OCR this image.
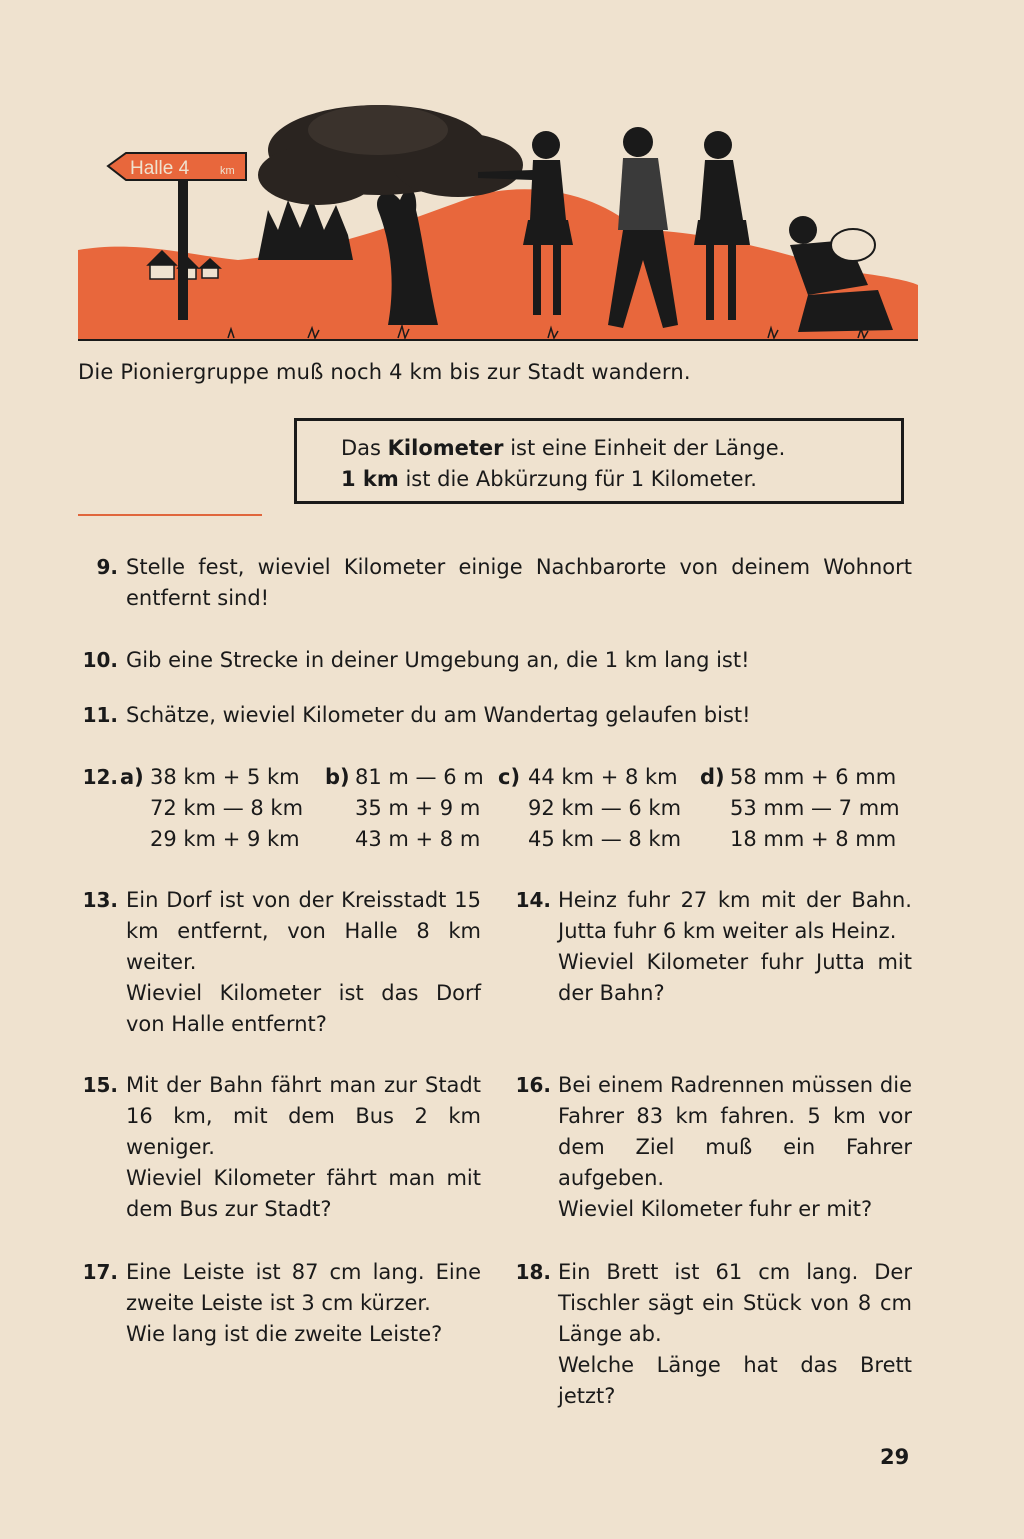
Halle 4	km
Die Pioniergruppe muß noch 4 km bis zur Stadt wandern.
Das Kilometer ist eine Einheit der Länge.
1 km ist die Abkürzung für 1 Kilometer.
9. Stelle fest, wieviel Kilometer einige Nachbarorte von deinem Wohnort entfernt sind!
10. Gib eine Strecke in deiner Umgebung an, die 1 km lang ist!
11. Schätze, wieviel Kilometer du am Wandertag gelaufen bist!
12. a) 38 km + 5 km
72 km — 8 km
29 km + 9 km
b) 81 m — 6 m
35 m + 9 m
43 m + 8 m
c) 44 km + 8 km
92 km — 6 km
45 km — 8 km
d) 58 mm + 6 mm
53 mm — 7 mm
18 mm + 8 mm
13. Ein Dorf ist von der Kreisstadt 15 km entfernt, von Halle 8 km weiter.

Wieviel Kilometer ist das Dorf von Halle entfernt?

14. Heinz fuhr 27 km mit der Bahn. Jutta fuhr 6 km weiter als Heinz.

Wieviel Kilometer fuhr Jutta mit der Bahn?

15. Mit der Bahn fährt man zur Stadt 16 km, mit dem Bus 2 km weniger.

Wieviel Kilometer fährt man mit dem Bus zur Stadt?

16. Bei einem Radrennen müssen die Fahrer 83 km fahren. 5 km vor dem Ziel muß ein Fahrer aufgeben.

Wieviel Kilometer fuhr er mit?

17. Eine Leiste ist 87 cm lang. Eine zweite Leiste ist 3 cm kürzer.

Wie lang ist die zweite Leiste?

18. Ein Brett ist 61 cm lang. Der Tischler sägt ein Stück von 8 cm Länge ab.

Welche Länge hat das Brett jetzt?

29
